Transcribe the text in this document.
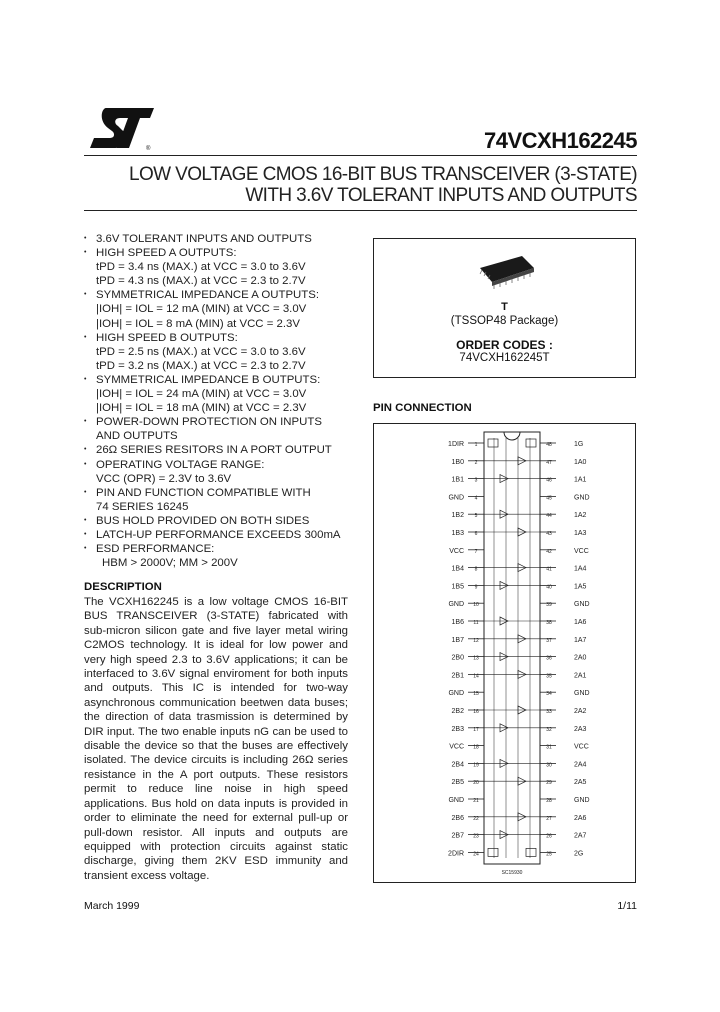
®	74VCXH162245
LOW VOLTAGE CMOS 16-BIT BUS TRANSCEIVER (3-STATE)
WITH 3.6V TOLERANT INPUTS AND OUTPUTS
• 3.6V TOLERANT INPUTS AND OUTPUTS
• HIGH SPEED A OUTPUTS:
tPD = 3.4 ns (MAX.) at VCC = 3.0 to 3.6V
tPD = 4.3 ns (MAX.) at VCC = 2.3 to 2.7V
• SYMMETRICAL IMPEDANCE A OUTPUTS:
|IOH| = IOL = 12 mA (MIN) at VCC = 3.0V
|IOH| = IOL = 8 mA (MIN) at VCC = 2.3V
• HIGH SPEED B OUTPUTS:
tPD = 2.5 ns (MAX.) at VCC = 3.0 to 3.6V
tPD = 3.2 ns (MAX.) at VCC = 2.3 to 2.7V
• SYMMETRICAL IMPEDANCE B OUTPUTS:
|IOH| = IOL = 24 mA (MIN) at VCC = 3.0V
|IOH| = IOL = 18 mA (MIN) at VCC = 2.3V
• POWER-DOWN PROTECTION ON INPUTS
AND OUTPUTS
• 26Ω SERIES RESITORS IN A PORT OUTPUT
• OPERATING VOLTAGE RANGE:
VCC (OPR) = 2.3V to 3.6V
• PIN AND FUNCTION COMPATIBLE WITH
74 SERIES 16245
• BUS HOLD PROVIDED ON BOTH SIDES
• LATCH-UP PERFORMANCE EXCEEDS 300mA
• ESD PERFORMANCE:
HBM > 2000V; MM > 200V
DESCRIPTION

The VCXH162245 is a low voltage CMOS 16-BIT BUS TRANSCEIVER (3-STATE) fabricated with sub-micron silicon gate and five layer metal wiring C2MOS technology. It is ideal for low power and very high speed 2.3 to 3.6V applications; it can be interfaced to 3.6V signal enviroment for both inputs and outputs. This IC is intended for two-way asynchronous communication beetwen data buses; the direction of data trasmission is determined by DIR input. The two enable inputs nG can be used to disable the device so that the buses are effectively isolated. The device circuits is including 26Ω series resistance in the A port outputs. These resistors permit to reduce line noise in high speed applications. Bus hold on data inputs is provided in order to eliminate the need for external pull-up or pull-down resistor. All inputs and outputs are equipped with protection circuits against static discharge, giving them 2KV ESD immunity and transient excess voltage.

T
(TSSOP48 Package)
ORDER CODES :
74VCXH162245T
PIN CONNECTION
1DIR 1	1G
48
1B0 2	1A0
47
1B1 3	1A1
46
GND 4	GND
45
1B2 5	1A2
44
1B3 6	1A3
43
VCC 7	VCC
42
1B4 8	1A4
41
1B5 9	1A5
40
GND 10	GND
39
1B6 11	1A6
38
1B7 12	1A7
37
2B0 13	2A0
36
2B1 14	2A1
35
GND 15	GND
34
2B2 16	2A2
33
2B3 17	2A3
32
VCC 18	VCC
31
2B4 19	2A4
30
2B5 20	2A5
29
GND 21	GND
28
2B6 22	2A6
27
2B7 23	2A7
26
2DIR 24	2G
25
SC15930
March 1999	1/11
